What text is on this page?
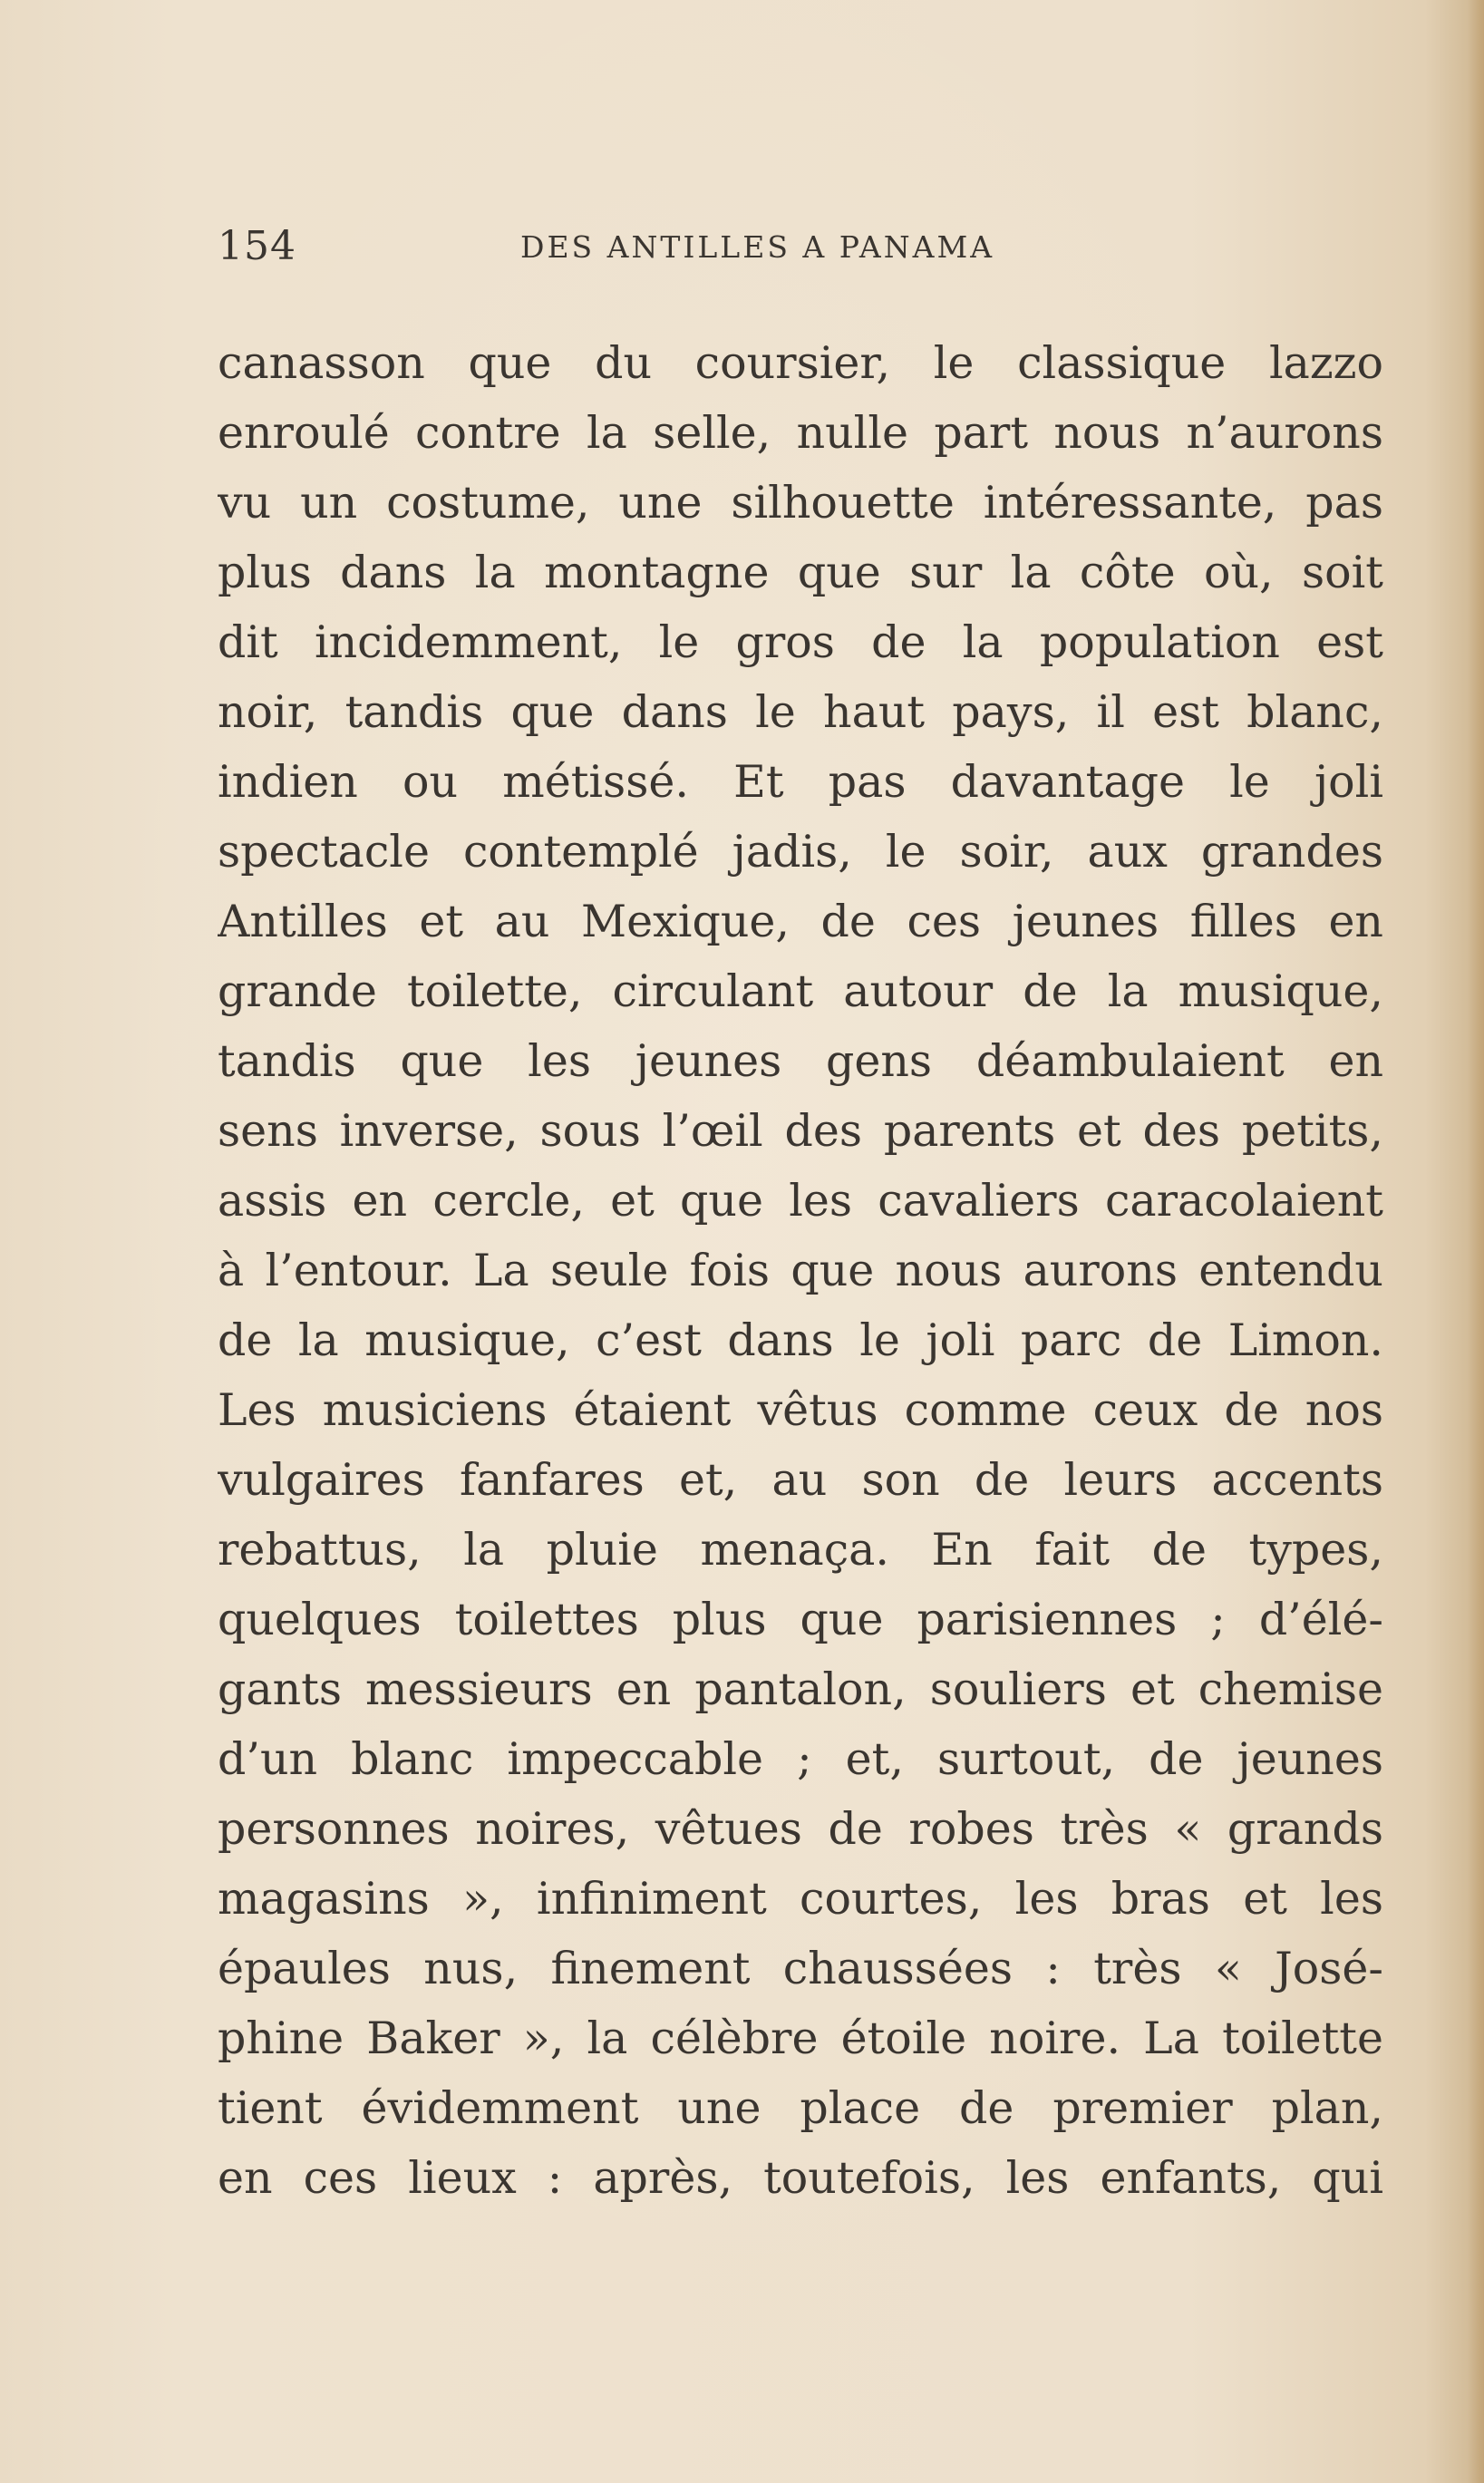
154	DES ANTILLES A PANAMA
canasson que du coursier, le classique lazzo
enroulé contre la selle, nulle part nous n’aurons
vu un costume, une silhouette intéressante, pas
plus dans la montagne que sur la côte où, soit
dit incidemment, le gros de la population est
noir, tandis que dans le haut pays, il est blanc,
indien ou métissé. Et pas davantage le joli
spectacle contemplé jadis, le soir, aux grandes
Antilles et au Mexique, de ces jeunes filles en
grande toilette, circulant autour de la musique,
tandis que les jeunes gens déambulaient en
sens inverse, sous l’œil des parents et des petits,
assis en cercle, et que les cavaliers caracolaient
à l’entour. La seule fois que nous aurons entendu
de la musique, c’est dans le joli parc de Limon.
Les musiciens étaient vêtus comme ceux de nos
vulgaires fanfares et, au son de leurs accents
rebattus, la pluie menaça. En fait de types,
quelques toilettes plus que parisiennes ; d’élé-
gants messieurs en pantalon, souliers et chemise
d’un blanc impeccable ; et, surtout, de jeunes
personnes noires, vêtues de robes très « grands
magasins », infiniment courtes, les bras et les
épaules nus, finement chaussées : très « José-
phine Baker », la célèbre étoile noire. La toilette
tient évidemment une place de premier plan,
en ces lieux : après, toutefois, les enfants, qui
